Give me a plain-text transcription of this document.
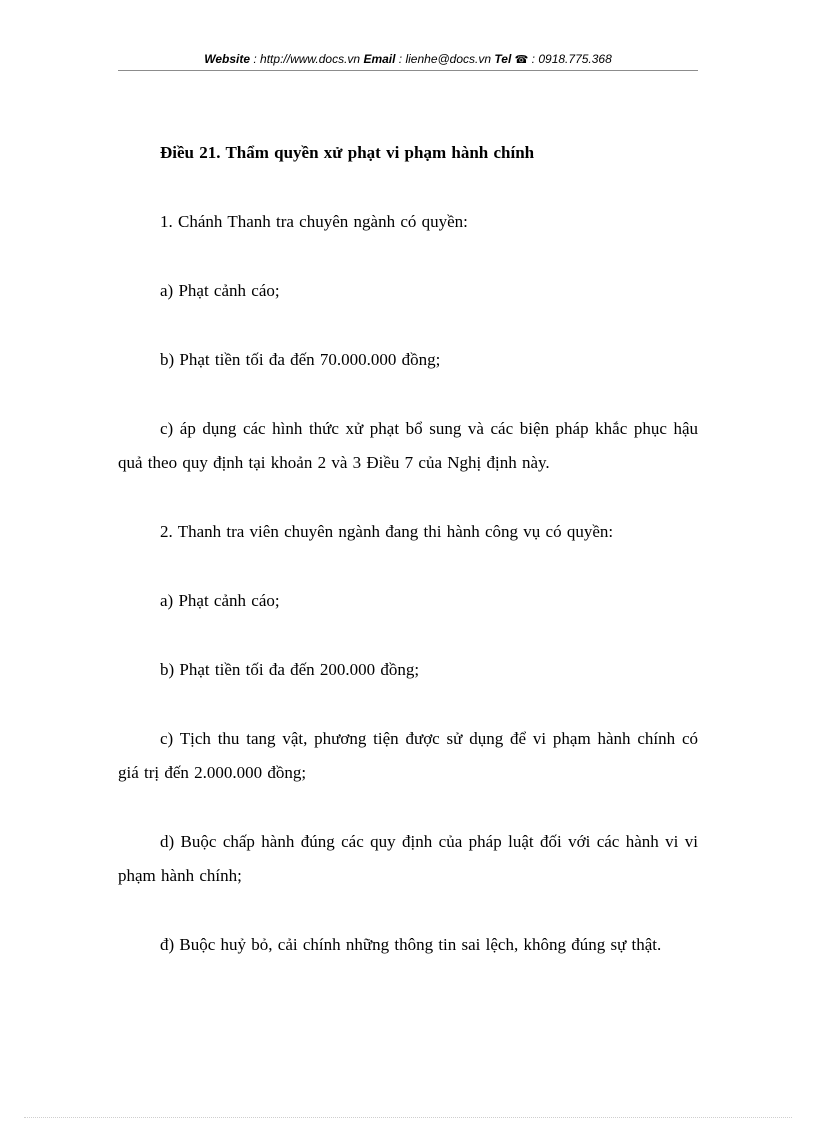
Website : http://www.docs.vn Email : lienhe@docs.vn Tel ☎ : 0918.775.368

Điều 21. Thẩm quyền xử phạt vi phạm hành chính

1. Chánh Thanh tra chuyên ngành có quyền:

a) Phạt cảnh cáo;

b) Phạt tiền tối đa đến 70.000.000 đồng;

c) áp dụng các hình thức xử phạt bổ sung và các biện pháp khắc phục hậu quả theo quy định tại khoản 2 và 3 Điều 7 của Nghị định này.

2. Thanh tra viên chuyên ngành đang thi hành công vụ có quyền:

a) Phạt cảnh cáo;

b) Phạt tiền tối đa đến 200.000 đồng;

c) Tịch thu tang vật, phương tiện được sử dụng để vi phạm hành chính có giá trị đến 2.000.000 đồng;

d) Buộc chấp hành đúng các quy định của pháp luật đối với các hành vi vi phạm hành chính;

đ) Buộc huỷ bỏ, cải chính những thông tin sai lệch, không đúng sự thật.
